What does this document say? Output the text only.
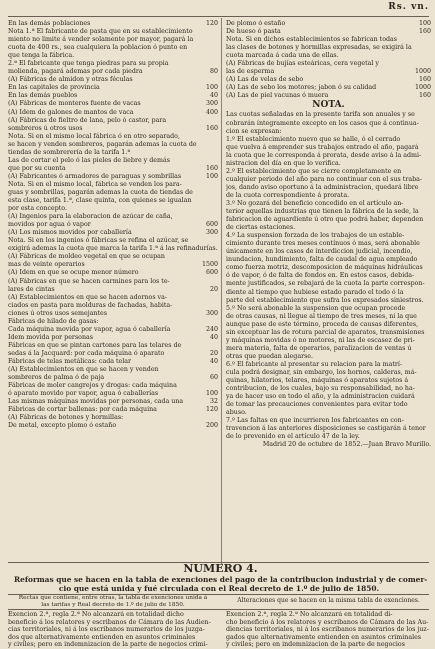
Rs. vn.
En las demás poblaciones	120
Nota 1.ª El fabricante de pasta que en su establecimiento
miento no limite á vender solamente por mayor, pagará la
cuota de 400 rs., sea cualquiera la poblacion ó punto en
que tenga la fábrica.
2.ª El fabricante que tenga piedras para su propia
molienda, pagará ademas por cada piedra	80
(A) Fábricas de almidon y otras féculas
En las capitales de provincia	100
En las demás pueblos	40
(A) Fábricas de monteros fuente de vacas	300
(A) Idem de galones de mantos de vaca	400
(A) Fábricas de fieltro de lana, pelo ó castor, para
sombreros ú otros usos	160
Nota. Si en el mismo local fábrica ó en otro separado,
se hacen y venden sombreros, pagarán ademas la cuota de
tiendas de sombrerería de la tarifa 1.ª
Las de cortar el pelo ó las pieles de liebre y demás
que por su cuenta	160
(A) Fabricantes ó armadores de paraguas y sombrillas	100
Nota. Si en el mismo local, fábrica se venden los para-
guas y sombrillas, pagarán ademas la cuota de tiendas de
esta clase, tarifa 1.ª, clase quinta, con quienes se igualan
por esta concepto.
(A) Ingenios para la elaboracion de azúcar de caña,
movidos por agua ó vapor	600
(A) Los mismos movidos por caballería	300
Nota. Si en los ingenios ó fábricas se refina el azúcar, se
exigirá ademas la cuota que marca la tarifa 1.ª á las refinadurías.
(A) Fábricas de moldeo vegetal en que se ocupan
mas de veinte operarios	1500
(A) Idem en que se ocupe menor número	600
(A) Fábricas en que se hacen carmines para los te-
lares de cintas	20
(A) Establecimientos en que se hacen adornos va-
ciados en pasta para molduras de fachadas, habita-
ciones ú otros usos semejantes	300
Fábricas de hilado de gasas:
Cada máquina movida por vapor, agua ó caballería	240
Idem movida por personas	40
Fábricas en que se pintan cartones para las telares de
sedas á la Jacquard: por cada máquina ó aparato	20
Fábricas de telas metálicas: cada telar	40
(A) Establecimientos en que se hacen y venden
sombreros de palma ó de paja	60
Fábricas de moler cangrejos y drogas: cada máquina
ó aparato movido por vapor, agua ó caballerías	100
Las mismas máquinas movidas por personas, cada una	32
Fábricas de cortar ballenas: por cada máquina	120
(A) Fábricas de botones y hormillas:
De metal, excepto plomo ó estaño	200
De plomo ó estaño	100
De hueso ó pasta	160
Nota. Si en dichos establecimientos se fabrican todas
las clases de botones y hormillas expresadas, se exigirá la
cuota marcada á cada una de ellas.
(A) Fábricas de bujías esteáricas, cera vegetal y
las de esperma	1000
(A) Las de velas de sebo	160
(A) Las de sebo los motores; jabon ó su calidad	1000
(A) Las de piel vacunas ó muera	160
NOTA.
Las cuotas señaladas en la presente tarifa son anuales y se
cobrarán íntegramente excepto en los casos que á continua-
cion se expresan:
1.º El establecimiento nuevo que se halle, ó el cerrado
que vuelva á emprender sus trabajos entrado el año, pagará
la cuota que le corresponda á prorata, desde aviso á la admi-
nistracion del día en que lo verifica.
2.º El establecimiento que se cierre completamente en
cualquier periodo del año para no continuar con el sus traba-
jos, dando aviso oportuno á la administracion, quedará libre
de la cuota correspondiente á prorata.
3.º No gozará del beneficio concedido en el artículo an-
terior aquellas industrias que tienen la fábrica de la sede, la
fabricacion de aguardiente ú otro que podrá haber, dependen
de ciertas estaciones.
4.º La suspension forzada de los trabajos de un estable-
cimiento durante tres meses contínuos ó mas, será abonable
únicamente en los casos de interdiccion judicial, incendio,
inundacion, hundimiento, falta de caudal de agua empleado
como fuerza motriz, descomposicion de máquinas hidráulicas
ó de vapor, ó de falta de fondos en. En estos casos, debida-
mente justificados, se rebajará de la cuota la parte correspon-
diente al tiempo que hubiese estado parado el todo ó la
parte del establecimiento que sufra los expresados siniestros.
5.º No será abonable la suspension que ocupan procede
de otras causas, ni llegue al tiempo de tres meses, ni la que
aunque pase de este término, proceda de causas diferentes,
sin exceptuar las de rotura parcial de aparatos, transmisiones
y máquinas movidas ó no motores, ni las de escasez de pri-
mera materia, falta de operarios, paralizacion de ventas ú
otras que puedan alegarse.
6.º El fabricante al presentar su relacion para la matrí-
cula podrá designar, sin embargo, los hornos, calderas, má-
quinas, hilatorios, telares, máquinas ó aparatos sujetos á
contribucion, de los cuales, bajo su responsabilidad, no ha-
ya de hacer uso en todo el año, y la administracion cuidará
de tomar las precauciones convenientes para evitar todo
abuso.
7.º Las faltas en que incurrieren los fabricantes en con-
travencion á las anteriores disposiciones se castigarán á tenor
de lo prevenido en el artículo 47 de la ley.
Madrid 20 de octubre de 1852.—Juan Bravo Murillo.
NUMERO 4.
Reformas que se hacen en la tabla de exenciones del pago de la contribucion industrial y de comer-
cio que está unida y fué circulada con el Real decreto de 1.º de julio de 1850.
Rectas que contiene, entre otras, la tabla de exenciones unida á
las tarifas y Real decreto de 1.º de julio de 1850.
Alteraciones que se hacen en la misma tabla de exenciones.
Exencion 2.ª, regla 2.ª No alcanzará en totalidad dicho
beneficio á los relatores y escribanos de Cámara de las Audien-
cias territoriales, ni á los escribanos numerarios de los juzga-
dos que alternativamente entienden en asuntos criminales
y civiles; pero en indemnizacion de la parte de negocios crimi-
Exencion 2.ª, regla 2.ª No alcanzará en totalidad di-
cho beneficio á los relatores y escribanos de Cámara de las Au-
diencias territoriales, ni á los escribanos numerarios de los juz-
gados que alternativamente entienden en asuntos criminales
y civiles; pero en indemnizacion de la parte de negocios
